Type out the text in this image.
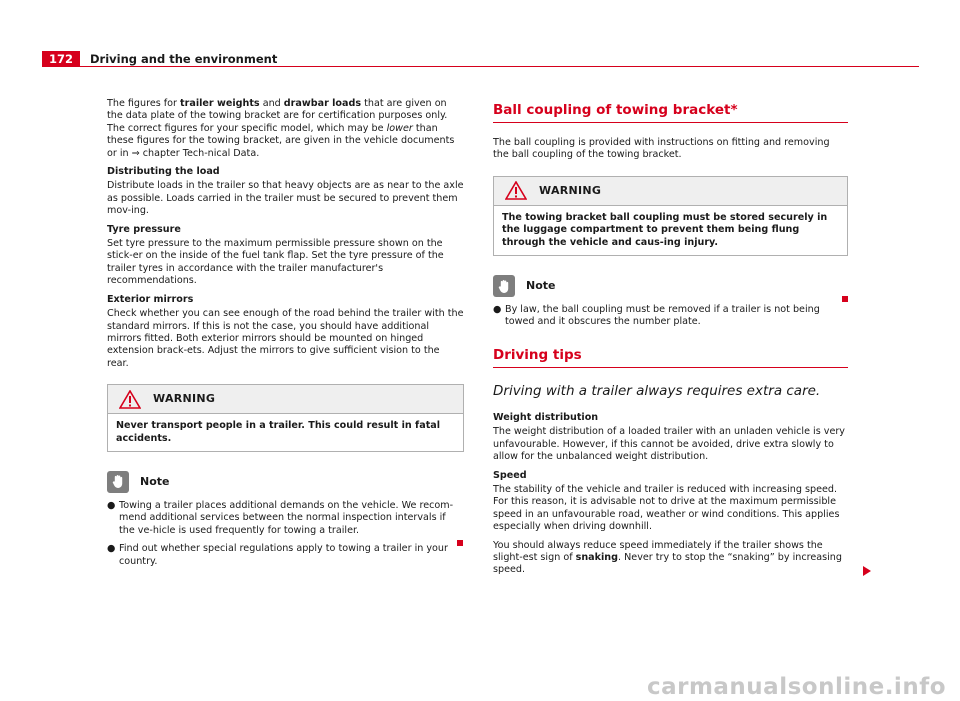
172	Driving and the environment

The figures for trailer weights and drawbar loads that are given on the data plate of the towing bracket are for certification purposes only. The correct figures for your specific model, which may be lower than these figures for the towing bracket, are given in the vehicle documents or in ⇒ chapter Tech-nical Data.

Distributing the load

Distribute loads in the trailer so that heavy objects are as near to the axle as possible. Loads carried in the trailer must be secured to prevent them mov-ing.

Tyre pressure

Set tyre pressure to the maximum permissible pressure shown on the stick-er on the inside of the fuel tank flap. Set the tyre pressure of the trailer tyres in accordance with the trailer manufacturer's recommendations.

Exterior mirrors

Check whether you can see enough of the road behind the trailer with the standard mirrors. If this is not the case, you should have additional mirrors fitted. Both exterior mirrors should be mounted on hinged extension brack-ets. Adjust the mirrors to give sufficient vision to the rear.

WARNING
Never transport people in a trailer. This could result in fatal accidents.
Note
● Towing a trailer places additional demands on the vehicle. We recom-mend additional services between the normal inspection intervals if the ve-hicle is used frequently for towing a trailer.
● Find out whether special regulations apply to towing a trailer in your country.
Ball coupling of towing bracket*

The ball coupling is provided with instructions on fitting and removing the ball coupling of the towing bracket.

WARNING
The towing bracket ball coupling must be stored securely in the luggage compartment to prevent them being flung through the vehicle and caus-ing injury.
Note
● By law, the ball coupling must be removed if a trailer is not being towed and it obscures the number plate.
Driving tips
Driving with a trailer always requires extra care.
Weight distribution

The weight distribution of a loaded trailer with an unladen vehicle is very unfavourable. However, if this cannot be avoided, drive extra slowly to allow for the unbalanced weight distribution.

Speed

The stability of the vehicle and trailer is reduced with increasing speed. For this reason, it is advisable not to drive at the maximum permissible speed in an unfavourable road, weather or wind conditions. This applies especially when driving downhill.

You should always reduce speed immediately if the trailer shows the slight-est sign of snaking. Never try to stop the “snaking” by increasing speed.

carmanualsonline.info
